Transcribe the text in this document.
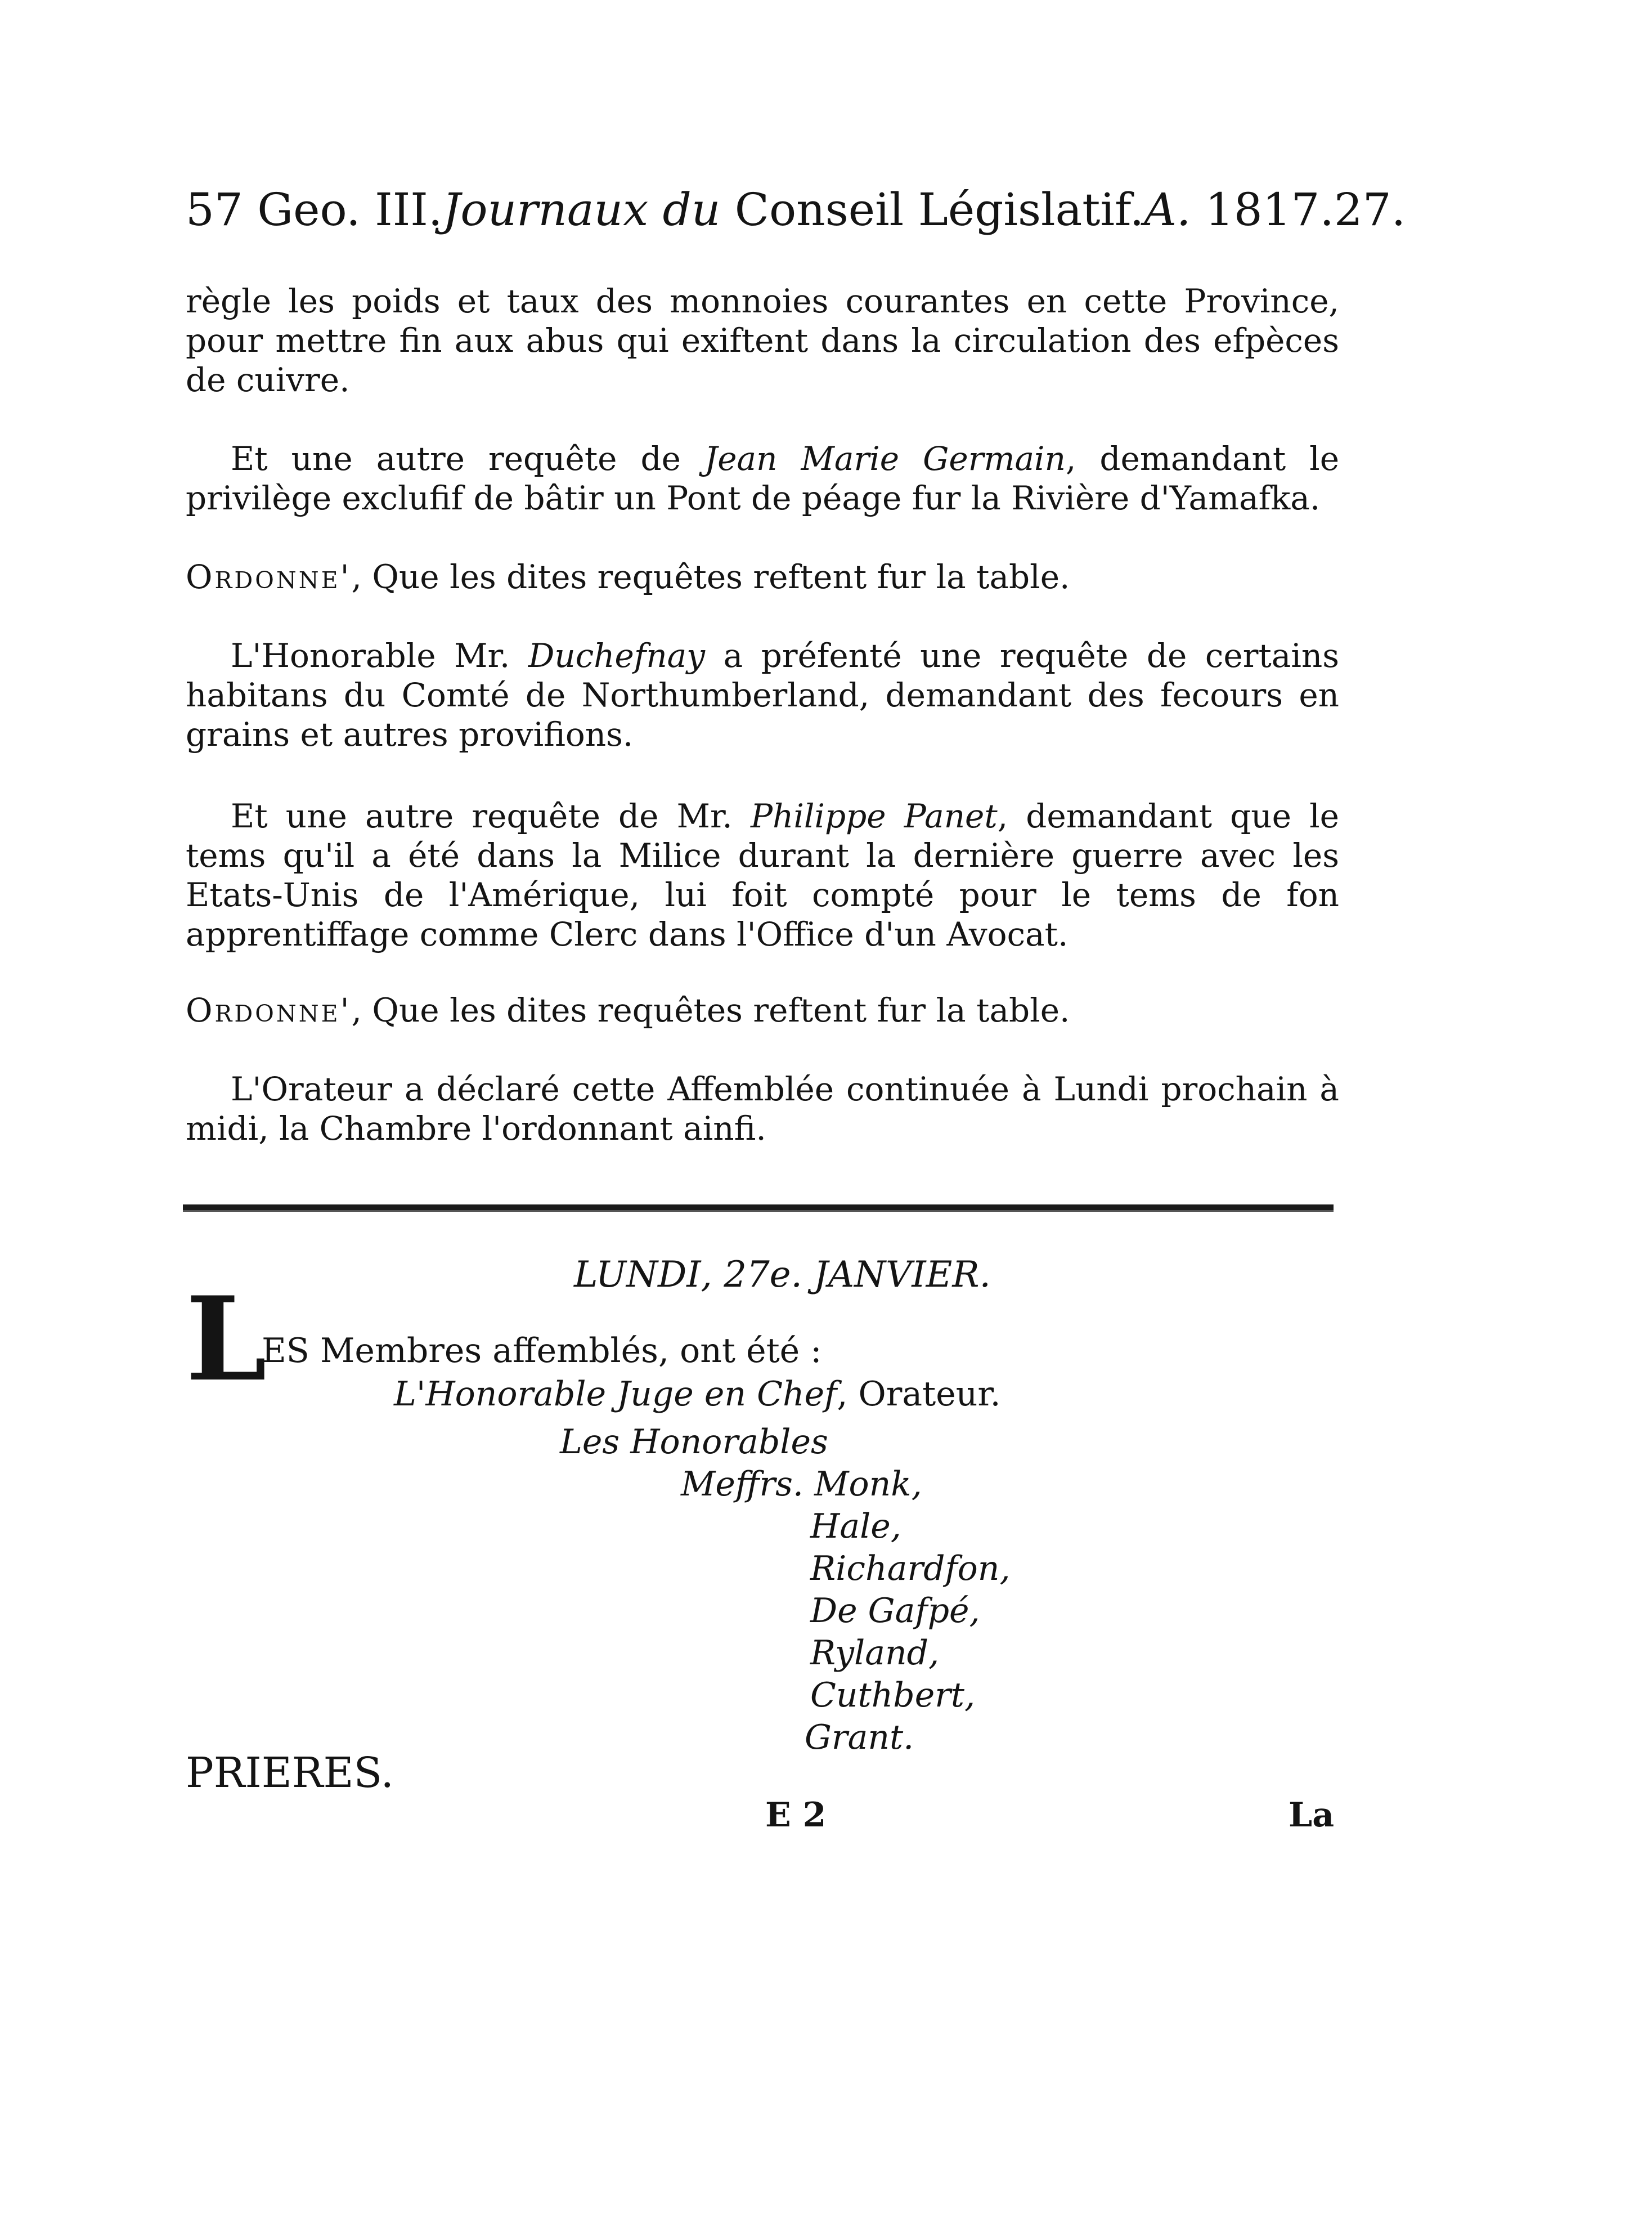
57 Geo. III. Journaux du Conseil Législatif. A. 1817. 27.
règle les poids et taux des monnoies courantes en cette Province, pour mettre fin aux abus qui exiftent dans la circulation des efpèces de cuivre.
Et une autre requête de Jean Marie Germain, demandant le privilège exclufif de bâtir un Pont de péage fur la Rivière d'Yamafka.
Ordonne', Que les dites requêtes reftent fur la table.
L'Honorable Mr. Duchefnay a préfenté une requête de certains habitans du Comté de Northumberland, demandant des fecours en grains et autres provifions.
Et une autre requête de Mr. Philippe Panet, demandant que le tems qu'il a été dans la Milice durant la dernière guerre avec les Etats-Unis de l'Amérique, lui foit compté pour le tems de fon apprentiffage comme Clerc dans l'Office d'un Avocat.
Ordonne', Que les dites requêtes reftent fur la table.
L'Orateur a déclaré cette Affemblée continuée à Lundi prochain à midi, la Chambre l'ordonnant ainfi.
LUNDI, 27e. JANVIER.
L
ES Membres affemblés, ont été :
L'Honorable Juge en Chef, Orateur.
Les Honorables
Meffrs. Monk,
Hale,
Richardfon,
De Gafpé,
Ryland,
Cuthbert,
Grant.
PRIERES.
E 2	La
